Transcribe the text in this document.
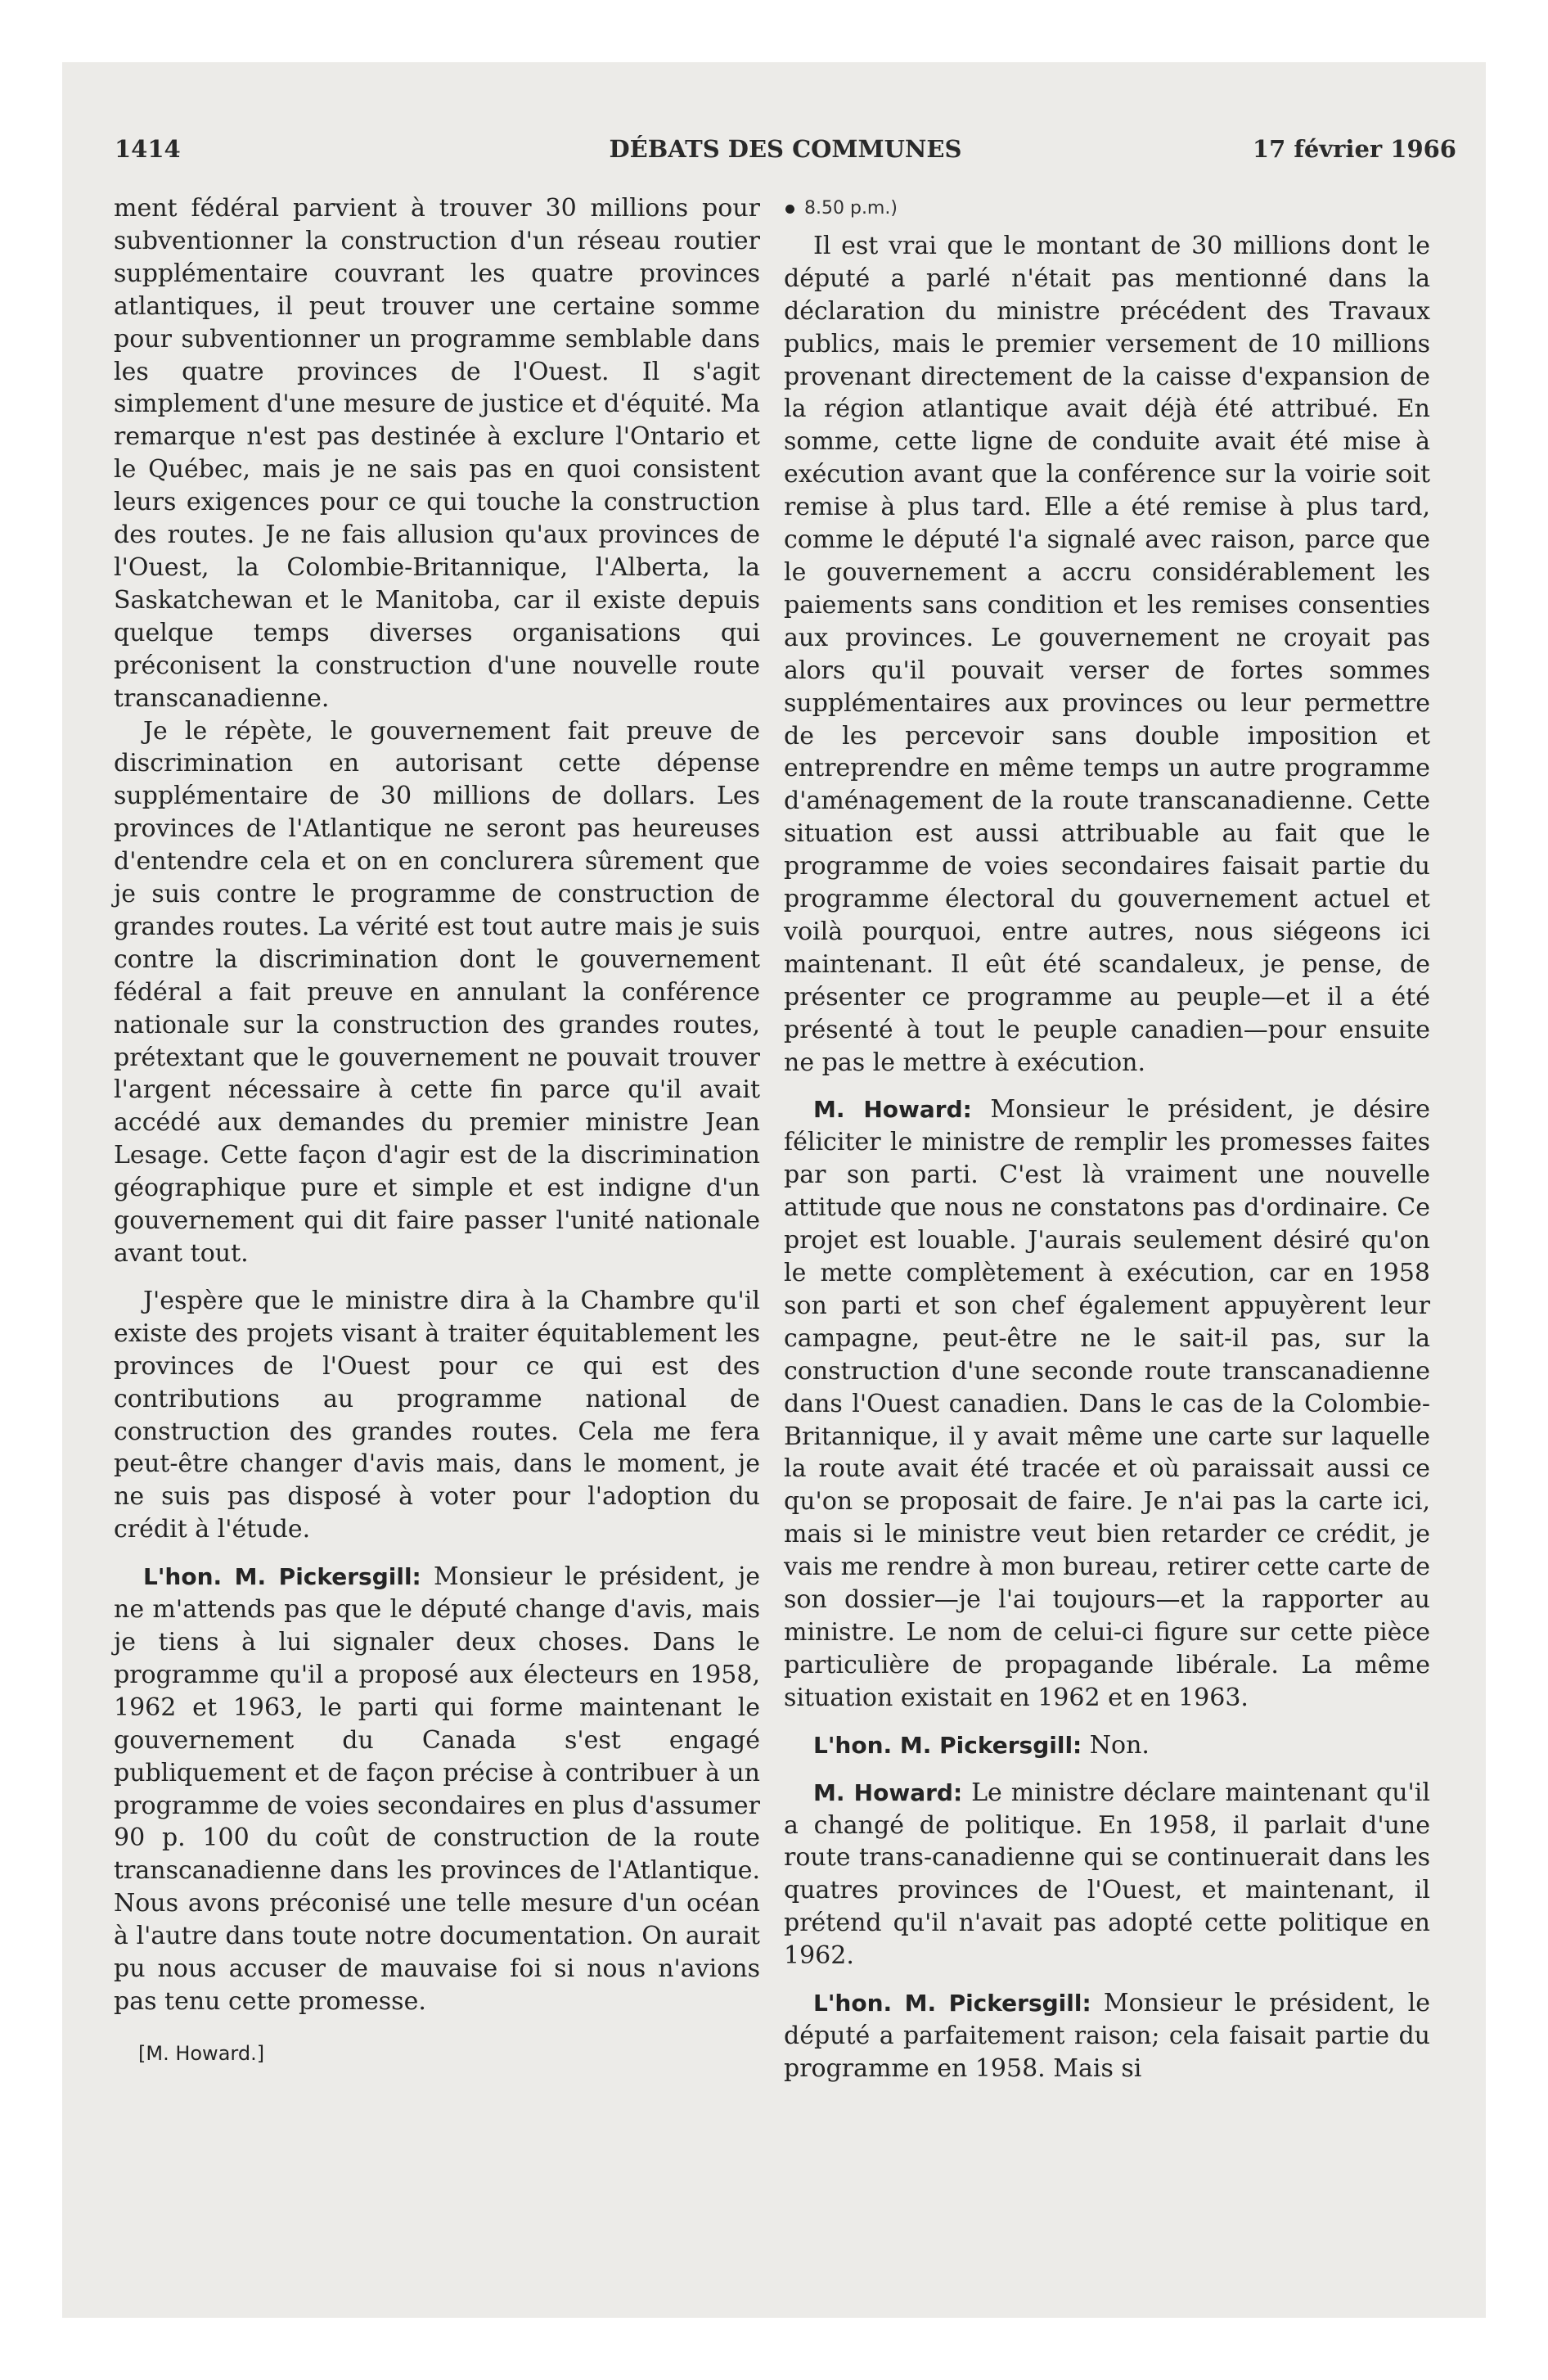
1414	DÉBATS DES COMMUNES	17 février 1966

ment fédéral parvient à trouver 30 millions pour subventionner la construction d'un réseau routier supplémentaire couvrant les quatre provinces atlantiques, il peut trouver une certaine somme pour subventionner un programme semblable dans les quatre provinces de l'Ouest. Il s'agit simplement d'une mesure de justice et d'équité. Ma remarque n'est pas destinée à exclure l'Ontario et le Québec, mais je ne sais pas en quoi consistent leurs exigences pour ce qui touche la construction des routes. Je ne fais allusion qu'aux provinces de l'Ouest, la Colombie-Britannique, l'Alberta, la Saskatchewan et le Manitoba, car il existe depuis quelque temps diverses organisations qui préconisent la construction d'une nouvelle route transcanadienne.

Je le répète, le gouvernement fait preuve de discrimination en autorisant cette dépense supplémentaire de 30 millions de dollars. Les provinces de l'Atlantique ne seront pas heureuses d'entendre cela et on en conclurera sûrement que je suis contre le programme de construction de grandes routes. La vérité est tout autre mais je suis contre la discrimination dont le gouvernement fédéral a fait preuve en annulant la conférence nationale sur la construction des grandes routes, prétextant que le gouvernement ne pouvait trouver l'argent nécessaire à cette fin parce qu'il avait accédé aux demandes du premier ministre Jean Lesage. Cette façon d'agir est de la discrimination géographique pure et simple et est indigne d'un gouvernement qui dit faire passer l'unité nationale avant tout.

J'espère que le ministre dira à la Chambre qu'il existe des projets visant à traiter équitablement les provinces de l'Ouest pour ce qui est des contributions au programme national de construction des grandes routes. Cela me fera peut-être changer d'avis mais, dans le moment, je ne suis pas disposé à voter pour l'adoption du crédit à l'étude.

L'hon. M. Pickersgill: Monsieur le président, je ne m'attends pas que le député change d'avis, mais je tiens à lui signaler deux choses. Dans le programme qu'il a proposé aux électeurs en 1958, 1962 et 1963, le parti qui forme maintenant le gouvernement du Canada s'est engagé publiquement et de façon précise à contribuer à un programme de voies secondaires en plus d'assumer 90 p. 100 du coût de construction de la route transcanadienne dans les provinces de l'Atlantique. Nous avons préconisé une telle mesure d'un océan à l'autre dans toute notre documentation. On aurait pu nous accuser de mauvaise foi si nous n'avions pas tenu cette promesse.

[M. Howard.]
8.50 p.m.)

Il est vrai que le montant de 30 millions dont le député a parlé n'était pas mentionné dans la déclaration du ministre précédent des Travaux publics, mais le premier versement de 10 millions provenant directement de la caisse d'expansion de la région atlantique avait déjà été attribué. En somme, cette ligne de conduite avait été mise à exécution avant que la conférence sur la voirie soit remise à plus tard. Elle a été remise à plus tard, comme le député l'a signalé avec raison, parce que le gouvernement a accru considérablement les paiements sans condition et les remises consenties aux provinces. Le gouvernement ne croyait pas alors qu'il pouvait verser de fortes sommes supplémentaires aux provinces ou leur permettre de les percevoir sans double imposition et entreprendre en même temps un autre programme d'aménagement de la route transcanadienne. Cette situation est aussi attribuable au fait que le programme de voies secondaires faisait partie du programme électoral du gouvernement actuel et voilà pourquoi, entre autres, nous siégeons ici maintenant. Il eût été scandaleux, je pense, de présenter ce programme au peuple—et il a été présenté à tout le peuple canadien—pour ensuite ne pas le mettre à exécution.

M. Howard: Monsieur le président, je désire féliciter le ministre de remplir les promesses faites par son parti. C'est là vraiment une nouvelle attitude que nous ne constatons pas d'ordinaire. Ce projet est louable. J'aurais seulement désiré qu'on le mette complètement à exécution, car en 1958 son parti et son chef également appuyèrent leur campagne, peut-être ne le sait-il pas, sur la construction d'une seconde route transcanadienne dans l'Ouest canadien. Dans le cas de la Colombie-Britannique, il y avait même une carte sur laquelle la route avait été tracée et où paraissait aussi ce qu'on se proposait de faire. Je n'ai pas la carte ici, mais si le ministre veut bien retarder ce crédit, je vais me rendre à mon bureau, retirer cette carte de son dossier—je l'ai toujours—et la rapporter au ministre. Le nom de celui-ci figure sur cette pièce particulière de propagande libérale. La même situation existait en 1962 et en 1963.

L'hon. M. Pickersgill: Non.

M. Howard: Le ministre déclare maintenant qu'il a changé de politique. En 1958, il parlait d'une route trans-canadienne qui se continuerait dans les quatres provinces de l'Ouest, et maintenant, il prétend qu'il n'avait pas adopté cette politique en 1962.

L'hon. M. Pickersgill: Monsieur le président, le député a parfaitement raison; cela faisait partie du programme en 1958. Mais si
